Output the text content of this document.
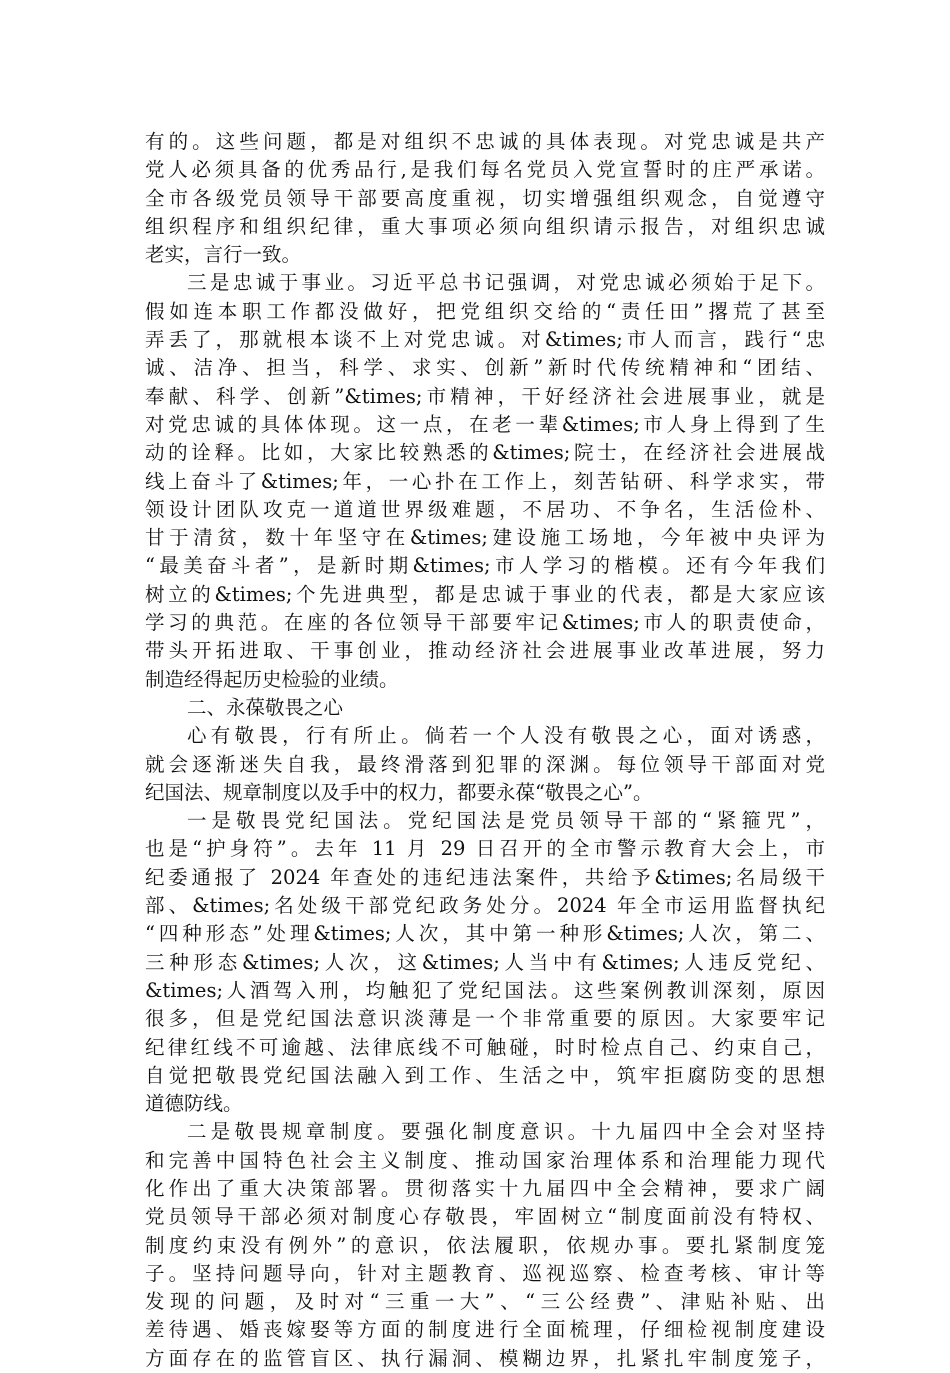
有的。这些问题，都是对组织不忠诚的具体表现。对党忠诚是共产
党人必须具备的优秀品行,是我们每名党员入党宣誓时的庄严承诺。
全市各级党员领导干部要高度重视，切实增强组织观念，自觉遵守
组织程序和组织纪律，重大事项必须向组织请示报告，对组织忠诚
老实，言行一致。
三是忠诚于事业。习近平总书记强调，对党忠诚必须始于足下。
假如连本职工作都没做好，把党组织交给的“责任田”撂荒了甚至
弄丢了，那就根本谈不上对党忠诚。对&times;市人而言，践行“忠
诚、洁净、担当，科学、求实、创新”新时代传统精神和“团结、
奉献、科学、创新”&times;市精神，干好经济社会进展事业，就是
对党忠诚的具体体现。这一点，在老一辈&times;市人身上得到了生
动的诠释。比如，大家比较熟悉的&times;院士，在经济社会进展战
线上奋斗了&times;年，一心扑在工作上，刻苦钻研、科学求实，带
领设计团队攻克一道道世界级难题，不居功、不争名，生活俭朴、
甘于清贫，数十年坚守在&times;建设施工场地，今年被中央评为
“最美奋斗者”，是新时期&times;市人学习的楷模。还有今年我们
树立的&times;个先进典型，都是忠诚于事业的代表，都是大家应该
学习的典范。在座的各位领导干部要牢记&times;市人的职责使命，
带头开拓进取、干事创业，推动经济社会进展事业改革进展，努力
制造经得起历史检验的业绩。
二、永葆敬畏之心
心有敬畏，行有所止。倘若一个人没有敬畏之心，面对诱惑，
就会逐渐迷失自我，最终滑落到犯罪的深渊。每位领导干部面对党
纪国法、规章制度以及手中的权力，都要永葆“敬畏之心”。
一是敬畏党纪国法。党纪国法是党员领导干部的“紧箍咒”，
也是“护身符”。去年 11 月 29 日召开的全市警示教育大会上，市
纪委通报了 2024 年查处的违纪违法案件，共给予&times;名局级干
部、&times;名处级干部党纪政务处分。2024 年全市运用监督执纪
“四种形态”处理&times;人次，其中第一种形&times;人次，第二、
三种形态&times;人次，这&times;人当中有&times;人违反党纪、
&times;人酒驾入刑，均触犯了党纪国法。这些案例教训深刻，原因
很多，但是党纪国法意识淡薄是一个非常重要的原因。大家要牢记
纪律红线不可逾越、法律底线不可触碰，时时检点自己、约束自己，
自觉把敬畏党纪国法融入到工作、生活之中，筑牢拒腐防变的思想
道德防线。
二是敬畏规章制度。要强化制度意识。十九届四中全会对坚持
和完善中国特色社会主义制度、推动国家治理体系和治理能力现代
化作出了重大决策部署。贯彻落实十九届四中全会精神，要求广阔
党员领导干部必须对制度心存敬畏，牢固树立“制度面前没有特权、
制度约束没有例外”的意识，依法履职，依规办事。要扎紧制度笼
子。坚持问题导向，针对主题教育、巡视巡察、检查考核、审计等
发现的问题，及时对“三重一大”、“三公经费”、津贴补贴、出
差待遇、婚丧嫁娶等方面的制度进行全面梳理，仔细检视制度建设
方面存在的监管盲区、执行漏洞、模糊边界，扎紧扎牢制度笼子，
